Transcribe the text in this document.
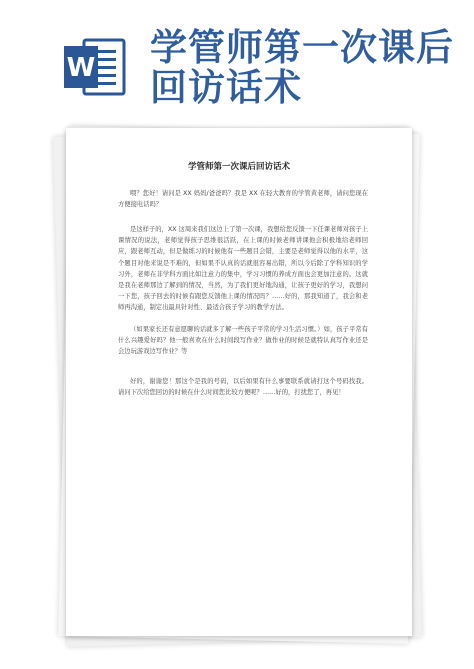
W 学管师第一次课后
回访话术
学管师第一次课后回访话术
喂？您好！请问是 XX 妈妈/爸爸吗？我是 XX 在轻大教育的学管黄老师，请问您现在方便接电话吗？
是这样子的，XX 这周来我们这边上了第一次课，我想给您反馈一下任课老师对孩子上课情况的说法，老师觉得孩子思维很活跃，在上课的时候老师讲课他会积极地给老师回应，跟老师互动，但是做练习的时候他有一些题目会错，主要是老师觉得以他的水平，这个题目对他来说是不难的，但如果不认真的话就很容易出错，所以今后除了学科知识的学习外，老师在非学科方面比如注意力的集中，学习习惯的养成方面也会更加注意的。这就是我在老师那边了解到的情况，当然，为了我们更好地沟通，让孩子更好的学习，我想问一下您，孩子回去的时候有跟您反馈他上课的情况吗？……好的，那我知道了，我会和老师再沟通，制定出最具针对性、最适合孩子学习的教学方法。
（如果家长还有意愿聊的话就多了解一些孩子平常的学习生活习惯。）如，孩子平常有什么兴趣爱好吗？他一般喜欢在什么时间段写作业？做作业的时候是就特认真写作业还是会边玩游戏边写作业？等
好的，谢谢您！那这个是我的号码，以后如果有什么事要联系就请打这个号码找我。请问下次给您回访的时候在什么时间您比较方便呢？……好的，打扰您了，再见！
